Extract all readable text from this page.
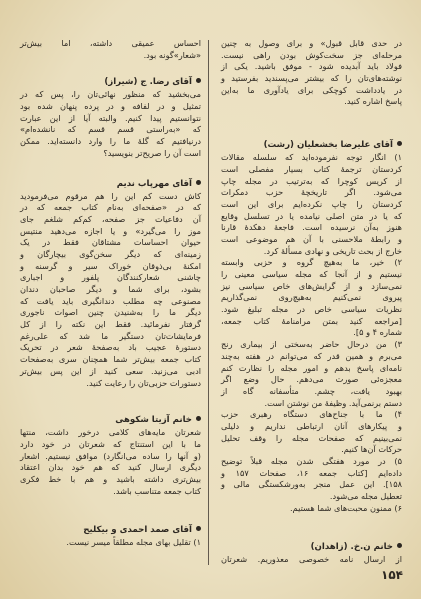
در حدی قابل قبول» و برای وصول به چنین
مرحله‌ای جز سخت‌کوش بودن راهی نیست.
فولاد باید آبدیده شود - موفق باشید. یکی از
نوشته‌های‌تان را که بیشتر می‌پسندید بفرستید و
در یادداشت کوچکی برای یادآوری ما به‌این
پاسخ اشاره کنید.
آقای علیرضا بخشعلیان (رشت)
۱) انگار توجه نفرموده‌اید که سلسله مقالات
کردستان ترجمهٔ کتاب بسیار مفصلی است
از کریس کوچرا که به‌ترتیب در مجله چاپ
می‌شود. اگر تاریخچهٔ حزب دمکرات
کردستان را چاپ نکرده‌ایم برای این است
که یا در متن اصلی نیامده یا در تسلسل وقایع
هنوز به‌آن نرسیده است. فاجعهٔ دهکدهٔ قارنا
و رابطهٔ ملاحسنی با آن هم موضوعی است
خارج از بحث تاریخی و نهادی مسألهٔ کرد.
۲) خیر، ما به‌هیچ گروه و حزبی وابسته
نیستیم و از آنجا که مجله سیاسی معینی را
نمی‌سازد و از گرایش‌های خاص سیاسی نیز
پیروی نمی‌کنیم به‌هیچ‌روی نمی‌گذاریم
نظریات سیاسی خاص در مجله تبلیغ شود.
[مراجعه کنید بمتن مرامنامهٔ کتاب جمعه،
شماره ۴ و ۵].
۳) من درحال حاضر به‌سختی از بیماری رنج
می‌برم و همین قدر که می‌توانم در هفته به‌چند
نامه‌ای پاسخ بدهم و امور مجله را نظارت کنم
معجزه‌ئی صورت می‌دهم. حال وضع اگر
بهبود یافت، چشم. متأسفانه گاه از
دستم برنمی‌آید. وظیفهٔ من نوشتن است.
۴) ما با جناح‌های دستگاه رهبری حزب
و پیکارهای آنان ارتباطی نداریم و دلیلی
نمی‌بینیم که صفحات مجله را وقف تحلیل
حرکات آن‌ها کنیم.
۵) در مورد هفتگی شدن مجله قبلاً توضیح
داده‌ایم [کتاب جمعه ۱۶، صفحات ۱۵۷ و
۱۵۸]. این عمل منجر به‌ورشکستگی مالی و
تعطیل مجله می‌شود.
۶) ممنون محبت‌های شما هستیم.
خانم ن.خ. (زاهدان)
از ارسال نامه خصوصی معذوریم. شعرتان
احساس عمیقی داشته، اما بیش‌تر
«شعار»گونه بود.
آقای رضا. ج (شیراز)
می‌بخشید که منظور نهائی‌تان را، پس که در
تمثیل و در لفافه و در پرده پنهان شده بود
نتوانستیم پیدا کنیم. والبته آیا از این عبارت
که «به‌راستی قسم قسم که نانشده‌ام»
درنیافتیم که گلهٔ ما را وارد دانسته‌اید. ممکن
است آن را صریح‌تر بنویسید؟
آقای مهرپاب ندیم
کاش دست کم این را هم مرقوم می‌فرمودید
که در «صفحه‌ای به‌نام کتاب جمعه که در
آن دفاعیات جز صفحه، کم‌کم شلغم جای
موز را می‌گیرد» و یا اجازه می‌دهید منتیس
حیوان احساسات مشتاقان فقط در یک
زمینه‌ای که دیگر سخن‌گوی بیچارگان و
امکنهٔ بی‌ذوقان خوراک سیر و گرسنه و
چاشنی شعارکنندگان پلفور و اجباری
بشود، برای شما و دیگر صاحبان دندان
مصنوعی چه مطلب دندانگیری باید یافت که
دیگر ما را به‌شنیدن چنین اصوات ناجوری
گرفتار نفرمائید. فقط این نکته را از کل
فرمایشات‌تان دستگیر ما شد که علی‌رغم
دستورهٔ عجیب باد به‌صفحهٔ شعر در تحریک
کتاب جمعه بیش‌تر شما همچنان سری به‌صفحات
ادبی می‌زنید. سعی کنید از این پس بیش‌تر
دستورات حزبی‌تان را رعایت کنید.
خانم آزیتا شکوهی
شعرتان مایه‌های کلامی درخور داشت، منتها
ما با این استنتاج که شعرتان در خود دارد
(و آنها را ساده می‌انگارد) موافق نیستیم. اشعار
دیگری ارسال کنید که هم خود بدان اعتقاد
بیش‌تری داشته باشید و هم با خط فکری
کتاب جمعه متناسب باشد.
آقای صمد احمدی و بیکلیح
۱) تقلیل بهای مجله مطلقاً میسر نیست.
۱۵۴
